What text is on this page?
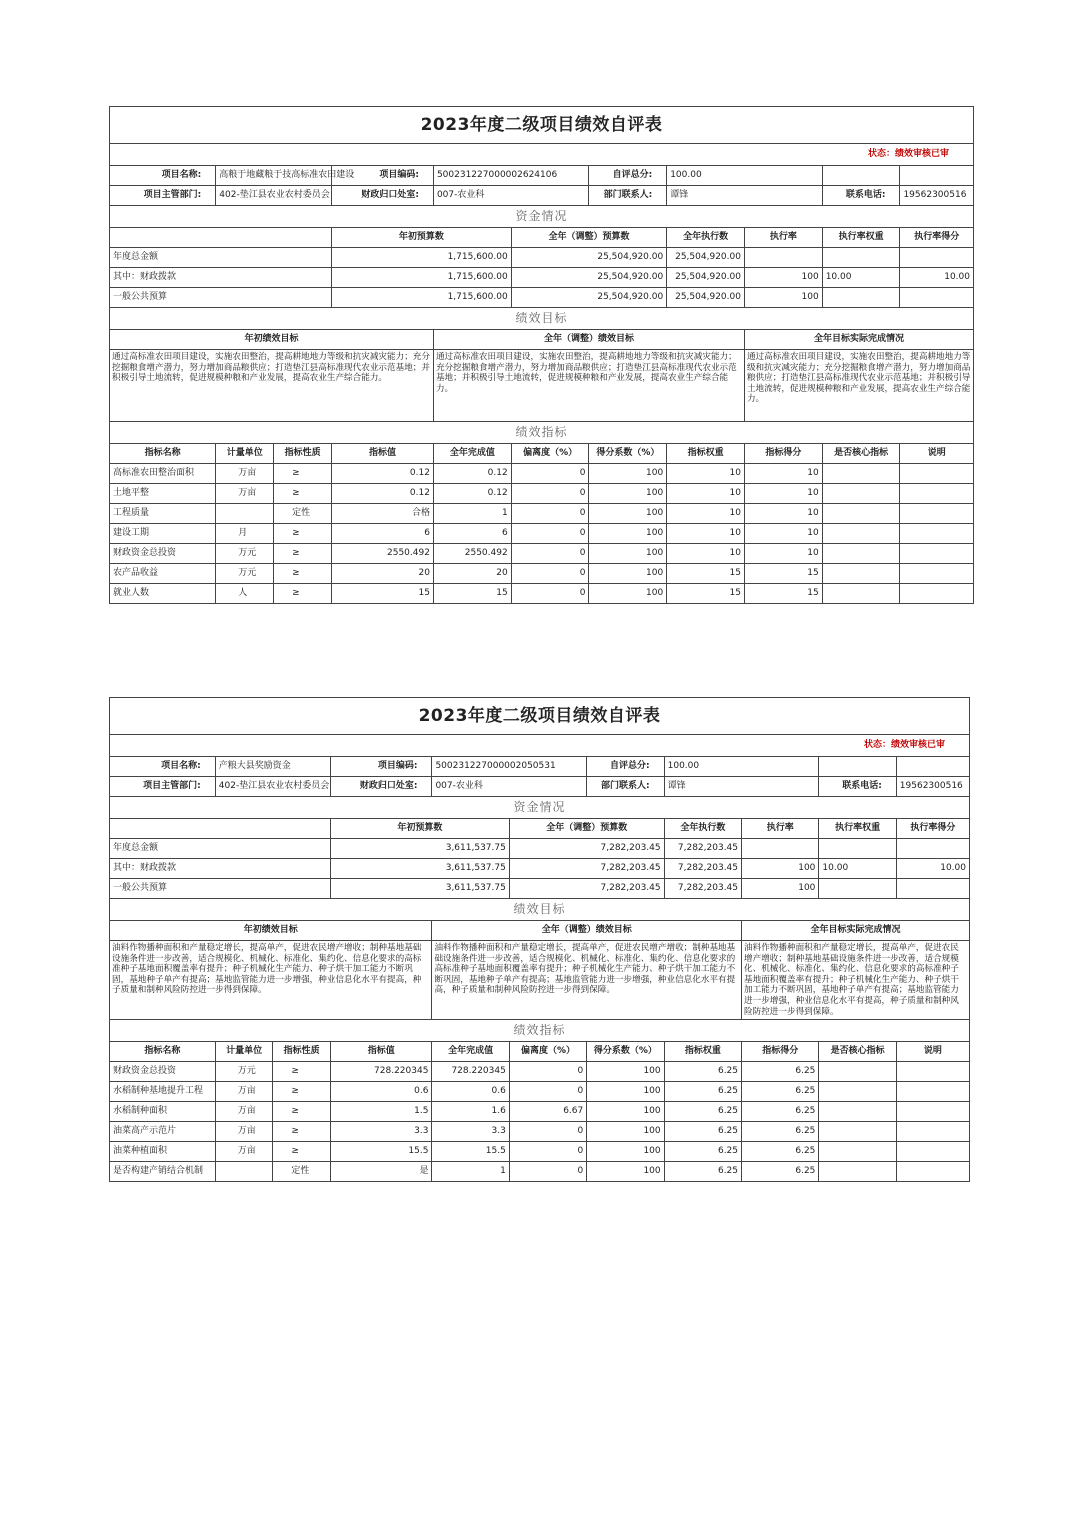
2023年度二级项目绩效自评表										
状态：绩效审核已审										
项目名称:	高粮于地藏粮于技高标准农田建设		项目编码:	500231227000002624106		自评总分:	100.00			
项目主管部门:	402-垫江县农业农村委员会		财政归口处室:	007-农业科		部门联系人:	谭锋		联系电话:	19562300516
资金情况										
			年初预算数		全年（调整）预算数		全年执行数	执行率	执行率权重	执行率得分
年度总金额			1,715,600.00		25,504,920.00		25,504,920.00			
其中：财政拨款			1,715,600.00		25,504,920.00		25,504,920.00	100	10.00	10.00
一般公共预算			1,715,600.00		25,504,920.00		25,504,920.00	100		
绩效目标										
年初绩效目标				全年（调整）绩效目标				全年目标实际完成情况		
通过高标准农田项目建设，实施农田整治，提高耕地地力等级和抗灾减灾能力；充分挖掘粮食增产潜力，努力增加商品粮供应；打造垫江县高标准现代农业示范基地；并积极引导土地流转，促进规模种粮和产业发展，提高农业生产综合能力。				通过高标准农田项目建设，实施农田整治，提高耕地地力等级和抗灾减灾能力；充分挖掘粮食增产潜力，努力增加商品粮供应；打造垫江县高标准现代农业示范基地；并积极引导土地流转，促进规模种粮和产业发展，提高农业生产综合能力。				通过高标准农田项目建设，实施农田整治，提高耕地地力等级和抗灾减灾能力；充分挖掘粮食增产潜力，努力增加商品粮供应；打造垫江县高标准现代农业示范基地；并积极引导土地流转，促进规模种粮和产业发展，提高农业生产综合能力。		
绩效指标										
指标名称	计量单位	指标性质	指标值	全年完成值	偏离度（%）	得分系数（%）	指标权重	指标得分	是否核心指标	说明
高标准农田整治面积	万亩	≥	0.12	0.12	0	100	10	10		
土地平整	万亩	≥	0.12	0.12	0	100	10	10		
工程质量		定性	合格	1	0	100	10	10		
建设工期	月	≥	6	6	0	100	10	10		
财政资金总投资	万元	≥	2550.492	2550.492	0	100	10	10		
农产品收益	万元	≥	20	20	0	100	15	15		
就业人数	人	≥	15	15	0	100	15	15		
2023年度二级项目绩效自评表										
状态：绩效审核已审										
项目名称:	产粮大县奖励资金		项目编码:	500231227000002050531		自评总分:	100.00			
项目主管部门:	402-垫江县农业农村委员会		财政归口处室:	007-农业科		部门联系人:	谭锋		联系电话:	19562300516
资金情况										
			年初预算数		全年（调整）预算数		全年执行数	执行率	执行率权重	执行率得分
年度总金额			3,611,537.75		7,282,203.45		7,282,203.45			
其中：财政拨款			3,611,537.75		7,282,203.45		7,282,203.45	100	10.00	10.00
一般公共预算			3,611,537.75		7,282,203.45		7,282,203.45	100		
绩效目标										
年初绩效目标				全年（调整）绩效目标				全年目标实际完成情况		
油料作物播种面积和产量稳定增长，提高单产，促进农民增产增收；制种基地基础设施条件进一步改善，适合规模化、机械化、标准化、集约化、信息化要求的高标准种子基地面积覆盖率有提升；种子机械化生产能力、种子烘干加工能力不断巩固，基地种子单产有提高；基地监管能力进一步增强，种业信息化水平有提高，种子质量和制种风险防控进一步得到保障。				油料作物播种面积和产量稳定增长，提高单产，促进农民增产增收；制种基地基础设施条件进一步改善，适合规模化、机械化、标准化、集约化、信息化要求的高标准种子基地面积覆盖率有提升；种子机械化生产能力、种子烘干加工能力不断巩固，基地种子单产有提高；基地监管能力进一步增强，种业信息化水平有提高，种子质量和制种风险防控进一步得到保障。				油料作物播种面积和产量稳定增长，提高单产，促进农民增产增收；制种基地基础设施条件进一步改善，适合规模化、机械化、标准化、集约化、信息化要求的高标准种子基地面积覆盖率有提升；种子机械化生产能力、种子烘干加工能力不断巩固，基地种子单产有提高；基地监管能力进一步增强，种业信息化水平有提高，种子质量和制种风险防控进一步得到保障。		
绩效指标										
指标名称	计量单位	指标性质	指标值	全年完成值	偏离度（%）	得分系数（%）	指标权重	指标得分	是否核心指标	说明
财政资金总投资	万元	≥	728.220345	728.220345	0	100	6.25	6.25		
水稻制种基地提升工程	万亩	≥	0.6	0.6	0	100	6.25	6.25		
水稻制种面积	万亩	≥	1.5	1.6	6.67	100	6.25	6.25		
油菜高产示范片	万亩	≥	3.3	3.3	0	100	6.25	6.25		
油菜种植面积	万亩	≥	15.5	15.5	0	100	6.25	6.25		
是否构建产销结合机制		定性	是	1	0	100	6.25	6.25		
